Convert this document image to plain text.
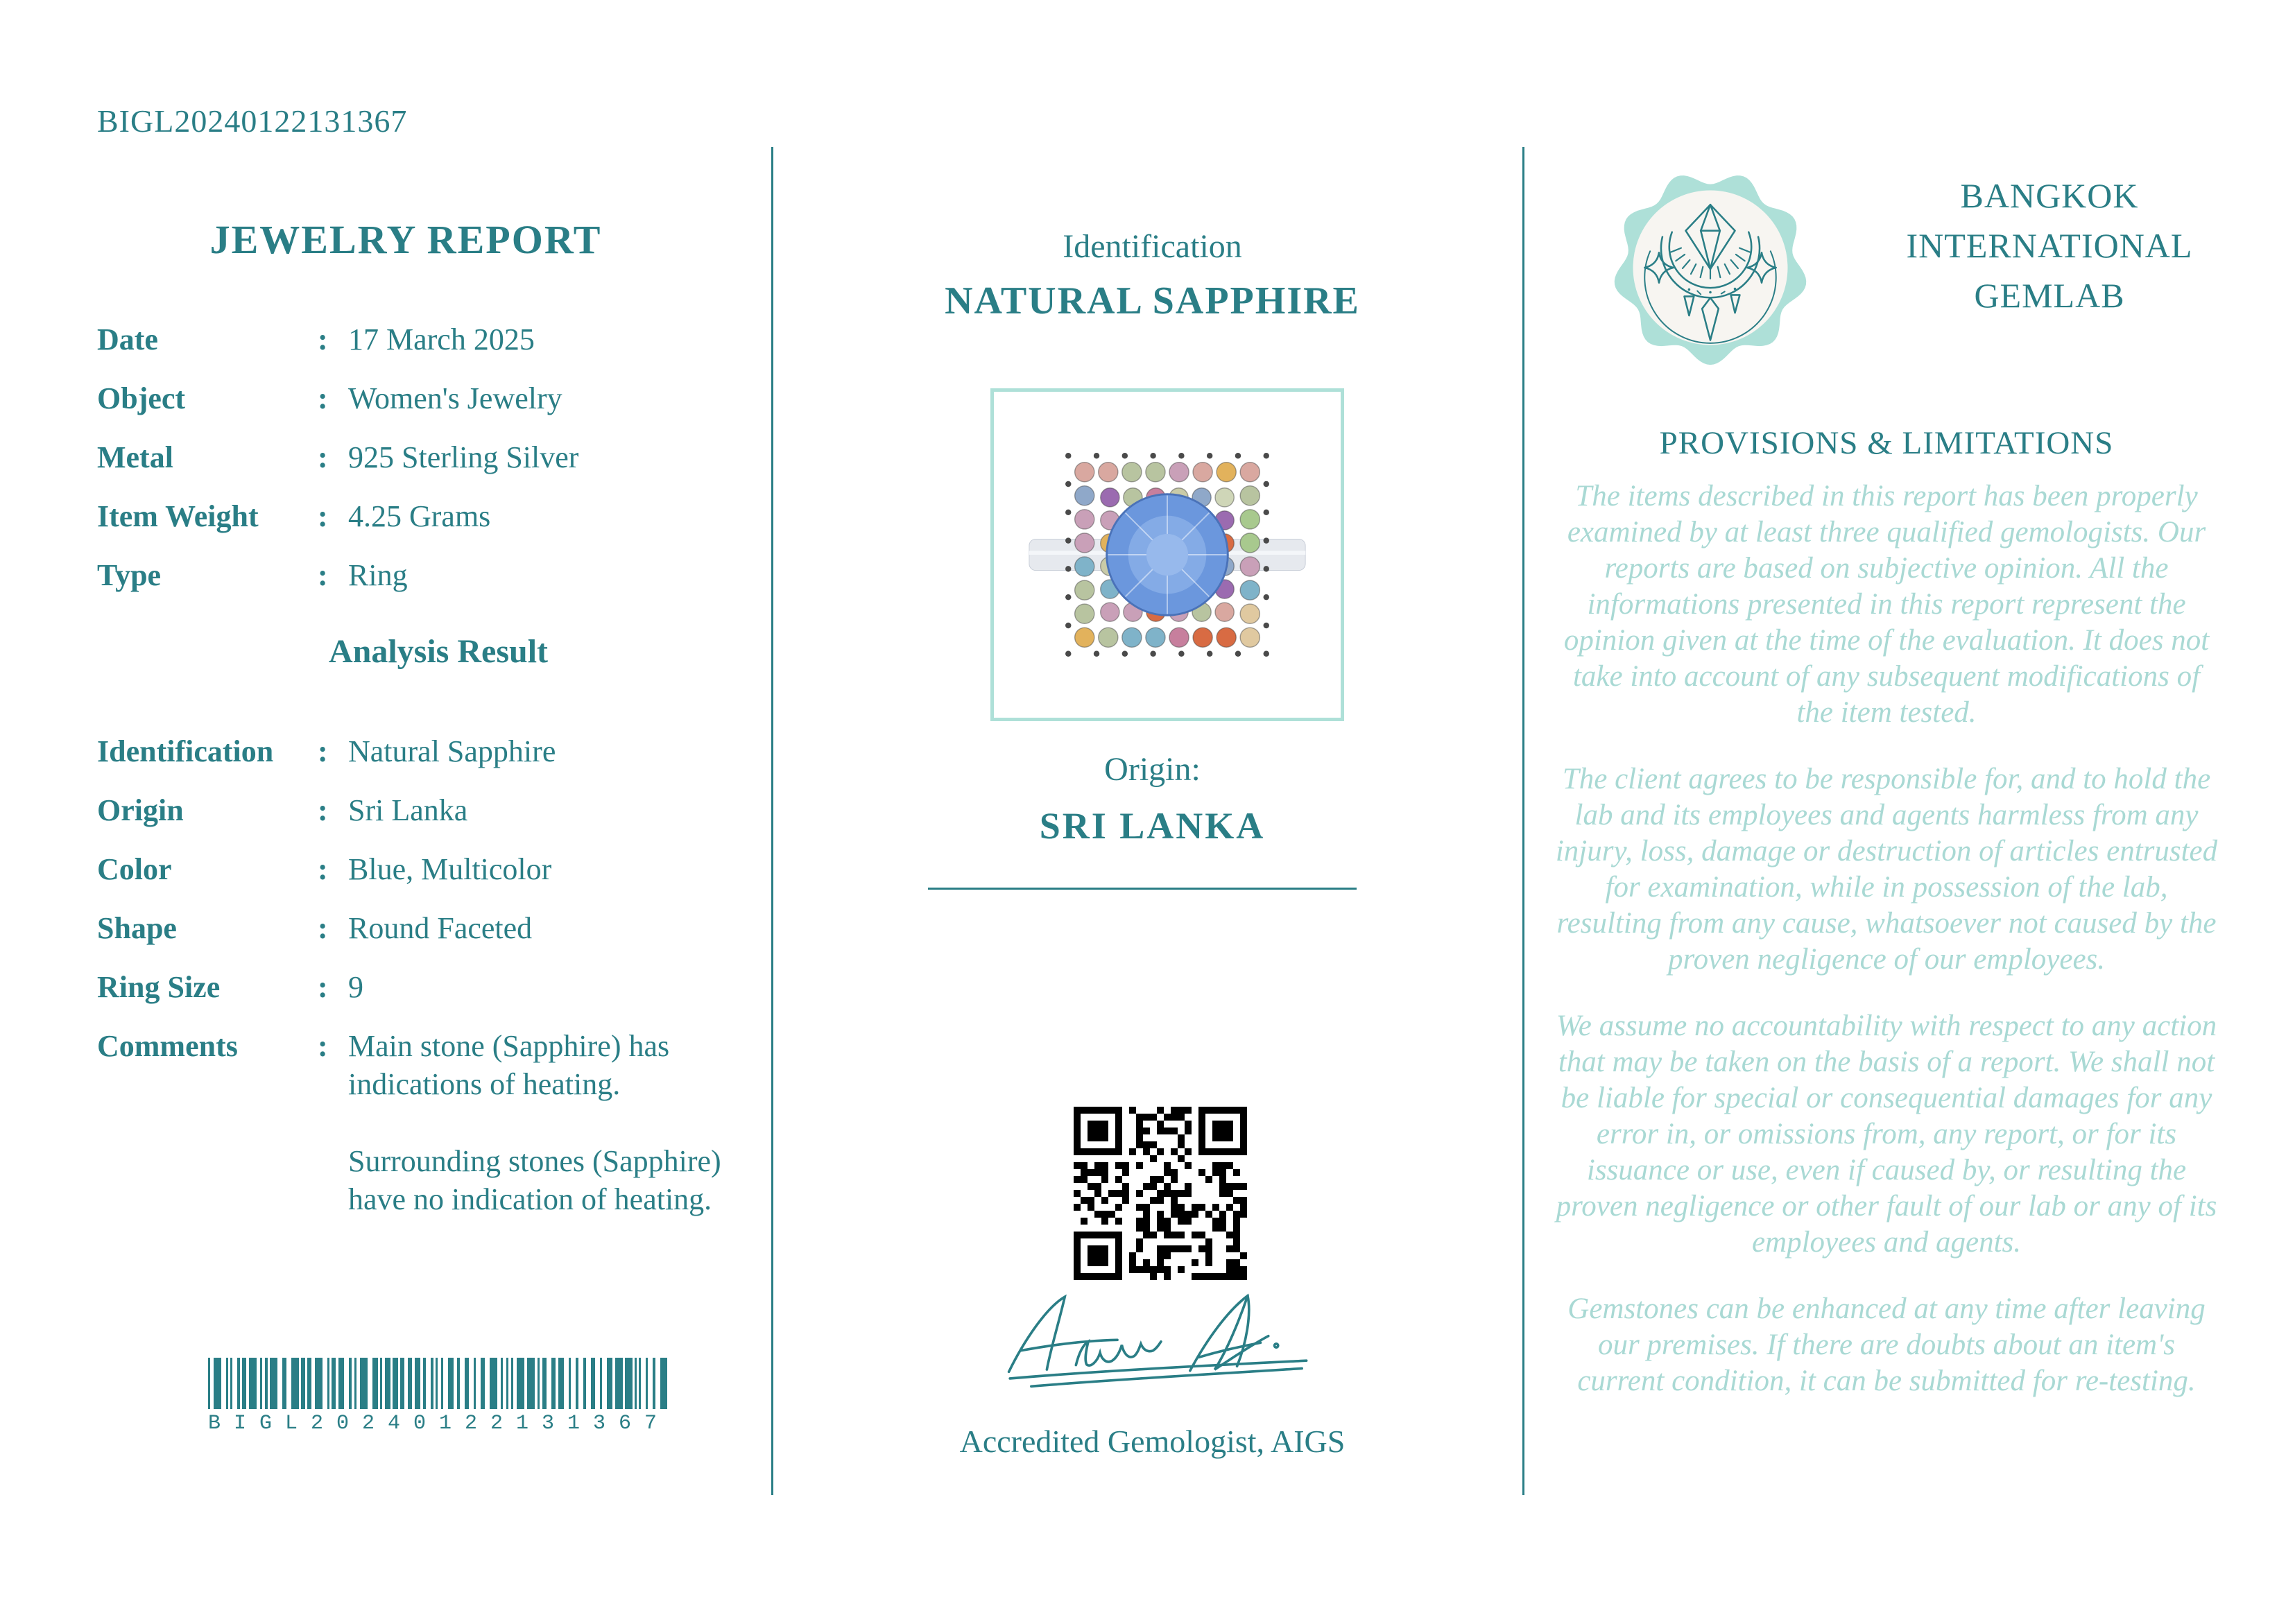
BIGL20240122131367
JEWELRY REPORT
Date	: 17 March 2025
Object	: Women's Jewelry
Metal	: 925 Sterling Silver
Item Weight	: 4.25 Grams
Type	: Ring
Analysis Result
Identification	: Natural Sapphire
Origin	: Sri Lanka
Color	: Blue, Multicolor
Shape	: Round Faceted
Ring Size	: 9
Comments	: Main stone (Sapphire) has indications of heating.
Surrounding stones (Sapphire) have no indication of heating.
BIGL20240122131367
Identification
NATURAL SAPPHIRE
Origin:
SRI LANKA
Accredited Gemologist, AIGS
BANGKOK
INTERNATIONAL
GEMLAB
PROVISIONS & LIMITATIONS

The items described in this report has been properly examined by at least three qualified gemologists. Our reports are based on subjective opinion. All the informations presented in this report represent the opinion given at the time of the evaluation. It does not take into account of any subsequent modifications of the item tested.

The client agrees to be responsible for, and to hold the lab and its employees and agents harmless from any injury, loss, damage or destruction of articles entrusted for examination, while in possession of the lab, resulting from any cause, whatsoever not caused by the proven negligence of our employees.

We assume no accountability with respect to any action that may be taken on the basis of a report. We shall not be liable for special or consequential damages for any error in, or omissions from, any report, or for its issuance or use, even if caused by, or resulting the proven negligence or other fault of our lab or any of its employees and agents.

Gemstones can be enhanced at any time after leaving our premises. If there are doubts about an item's current condition, it can be submitted for re-testing.
